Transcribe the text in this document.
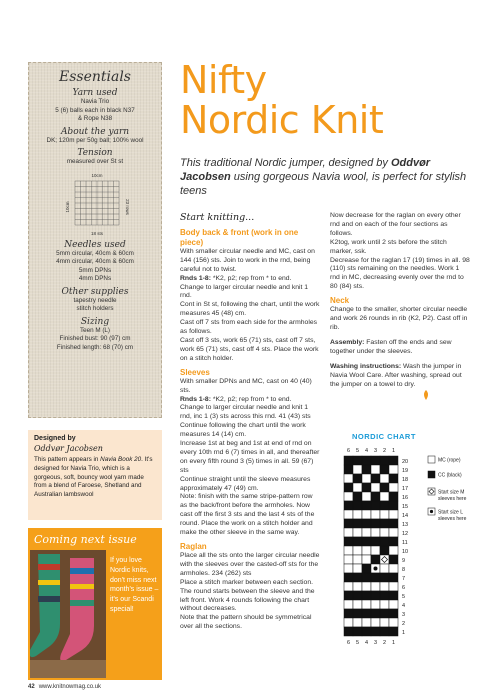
Essentials
Yarn used
Navia Trio
5 (6) balls each in black N37
& Rope N38
About the yarn
DK; 120m per 50g ball; 100% wool
Tension
measured over St st
10cm
10cm	23 rows
18 sts
Needles used
5mm circular, 40cm & 60cm
4mm circular, 40cm & 60cm
5mm DPNs
4mm DPNs
Other supplies
tapestry needle
stitch holders
Sizing
Teen M (L)
Finished bust: 90 (97) cm
Finished length: 68 (70) cm
Designed by
Oddvør Jacobsen
This pattern appears in Navia Book 20. It's designed for Navia Trio, which is a gorgeous, soft, bouncy wool yarn made from a blend of Faroese, Shetland and Australian lambswool
Coming next issue
If you love Nordic knits, don't miss next month's issue – it's our Scandi special!
Nifty
Nordic Knit
This traditional Nordic jumper, designed by Oddvør Jacobsen using gorgeous Navia wool, is perfect for stylish teens
Start knitting...
Body back & front (work in one piece)
With smaller circular needle and MC, cast on 144 (156) sts. Join to work in the rnd, being careful not to twist.
Rnds 1-8: *K2, p2; rep from * to end.
Change to larger circular needle and knit 1 rnd.
Cont in St st, following the chart, until the work measures 45 (48) cm.
Cast off 7 sts from each side for the armholes as follows.
Cast off 3 sts, work 65 (71) sts, cast off 7 sts, work 65 (71) sts, cast off 4 sts. Place the work on a stitch holder.
Sleeves
With smaller DPNs and MC, cast on 40 (40) sts.
Rnds 1-8: *K2, p2; rep from * to end.
Change to larger circular needle and knit 1 rnd, inc 1 (3) sts across this rnd. 41 (43) sts
Continue following the chart until the work measures 14 (14) cm.
Increase 1st at beg and 1st at end of rnd on every 10th rnd 6 (7) times in all, and thereafter on every fifth round 3 (5) times in all. 59 (67) sts
Continue straight until the sleeve measures approximately 47 (49) cm.
Note: finish with the same stripe-pattern row as the back/front before the armholes. Now cast off the first 3 sts and the last 4 sts of the round. Place the work on a stitch holder and make the other sleeve in the same way.
Raglan
Place all the sts onto the larger circular needle with the sleeves over the casted-off sts for the armholes. 234 (262) sts
Place a stitch marker between each section. The round starts between the sleeve and the left front. Work 4 rounds following the chart without decreases.
Note that the pattern should be symmetrical over all the sections.
Now decrease for the raglan on every other rnd and on each of the four sections as follows.
K2tog, work until 2 sts before the stitch marker, ssk.
Decrease for the raglan 17 (19) times in all. 98 (110) sts remaining on the needles. Work 1 rnd in MC, decreasing evenly over the rnd to 80 (84) sts.
Neck
Change to the smaller, shorter circular needle and work 26 rounds in rib (K2, P2). Cast off in rib.
Assembly: Fasten off the ends and sew together under the sleeves.
Washing instructions: Wash the jumper in Navia Wool Care. After washing, spread out the jumper on a towel to dry.
NORDIC CHART
6 5 4 3 2 1
20
19
18
17
16
15
14
13
12
11
10
9
8
7
6
5
4
3
2
1
6 5 4 3 2 1
MC (rope)
CC (black)
Start size M
sleeves here
Start size L
sleeves here
42 www.knitnowmag.co.uk
